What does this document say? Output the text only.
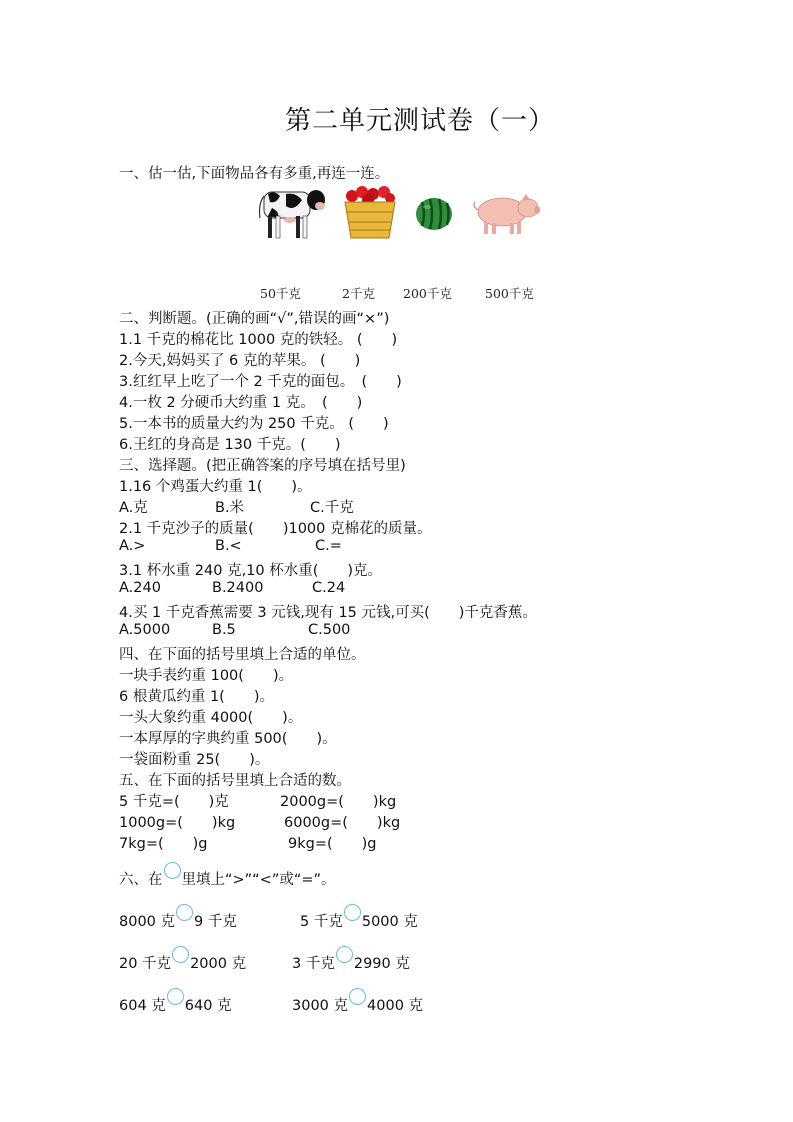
第二单元测试卷（一）
一、估一估,下面物品各有多重,再连一连。
50千克	2千克 200千克	500千克
二、判断题。(正确的画“√”,错误的画“×”)
1.1 千克的棉花比 1000 克的铁轻。 (　　)
2.今天,妈妈买了 6 克的苹果。 (　　)
3.红红早上吃了一个 2 千克的面包。　(　　)
4.一枚 2 分硬币大约重 1 克。　(　　)
5.一本书的质量大约为 250 千克。 (　　)
6.王红的身高是 130 千克。(　　)
三、选择题。(把正确答案的序号填在括号里)
1.16 个鸡蛋大约重 1(　　)。
A.克	B.米	C.千克
2.1 千克沙子的质量(　　)1000 克棉花的质量。
A.>	B.<	C.=
3.1 杯水重 240 克,10 杯水重(　　)克。
A.240	B.2400	C.24
4.买 1 千克香蕉需要 3 元钱,现有 15 元钱,可买(　　)千克香蕉。
A.5000	B.5	C.500
四、在下面的括号里填上合适的单位。
一块手表约重 100(　　)。
6 根黄瓜约重 1(　　)。
一头大象约重 4000(　　)。
一本厚厚的字典约重 500(　　)。
一袋面粉重 25(　　)。
五、在下面的括号里填上合适的数。
5 千克=(　　)克	2000g=(　　)kg
1000g=(　　)kg	6000g=(　　)kg
7kg=(　　)g	9kg=(　　)g
六、在 里填上“>”“<”或“=”。
8000 克 9 千克	5 千克 5000 克
20 千克 2000 克	3 千克 2990 克
604 克 640 克	3000 克 4000 克
